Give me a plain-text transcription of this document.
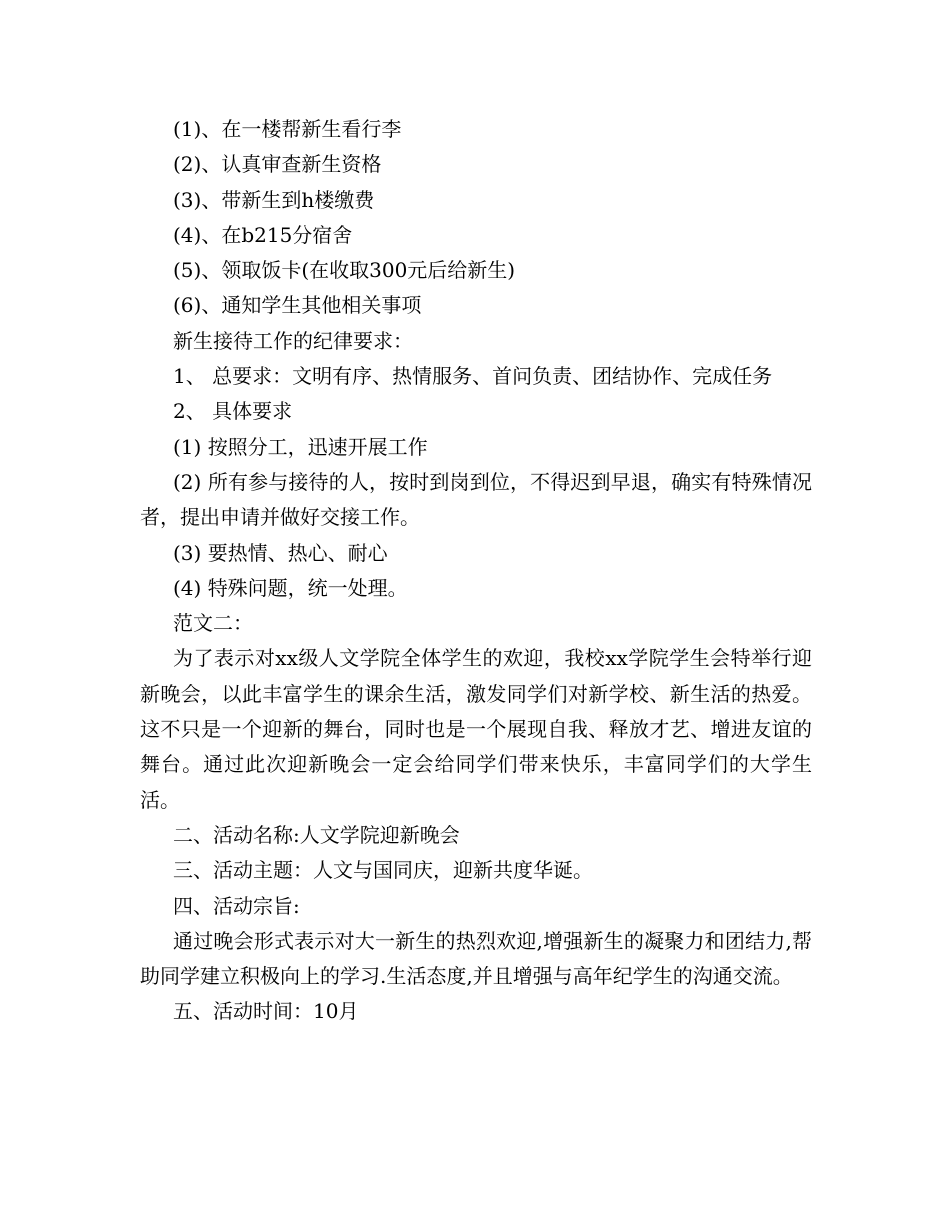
(1)、在一楼帮新生看行李

(2)、认真审查新生资格

(3)、带新生到h楼缴费

(4)、在b215分宿舍

(5)、领取饭卡(在收取300元后给新生)

(6)、通知学生其他相关事项

新生接待工作的纪律要求：

1、 总要求：文明有序、热情服务、首问负责、团结协作、完成任务

2、 具体要求

(1) 按照分工，迅速开展工作

(2) 所有参与接待的人，按时到岗到位，不得迟到早退，确实有特殊情况者，提出申请并做好交接工作。

(3) 要热情、热心、耐心

(4) 特殊问题，统一处理。

范文二：

为了表示对xx级人文学院全体学生的欢迎，我校xx学院学生会特举行迎新晚会，以此丰富学生的课余生活，激发同学们对新学校、新生活的热爱。这不只是一个迎新的舞台，同时也是一个展现自我、释放才艺、增进友谊的舞台。通过此次迎新晚会一定会给同学们带来快乐，丰富同学们的大学生活。

二、活动名称:人文学院迎新晚会

三、活动主题：人文与国同庆，迎新共度华诞。

四、活动宗旨:

通过晚会形式表示对大一新生的热烈欢迎,增强新生的凝聚力和团结力,帮助同学建立积极向上的学习.生活态度,并且增强与高年纪学生的沟通交流。

五、活动时间：10月
